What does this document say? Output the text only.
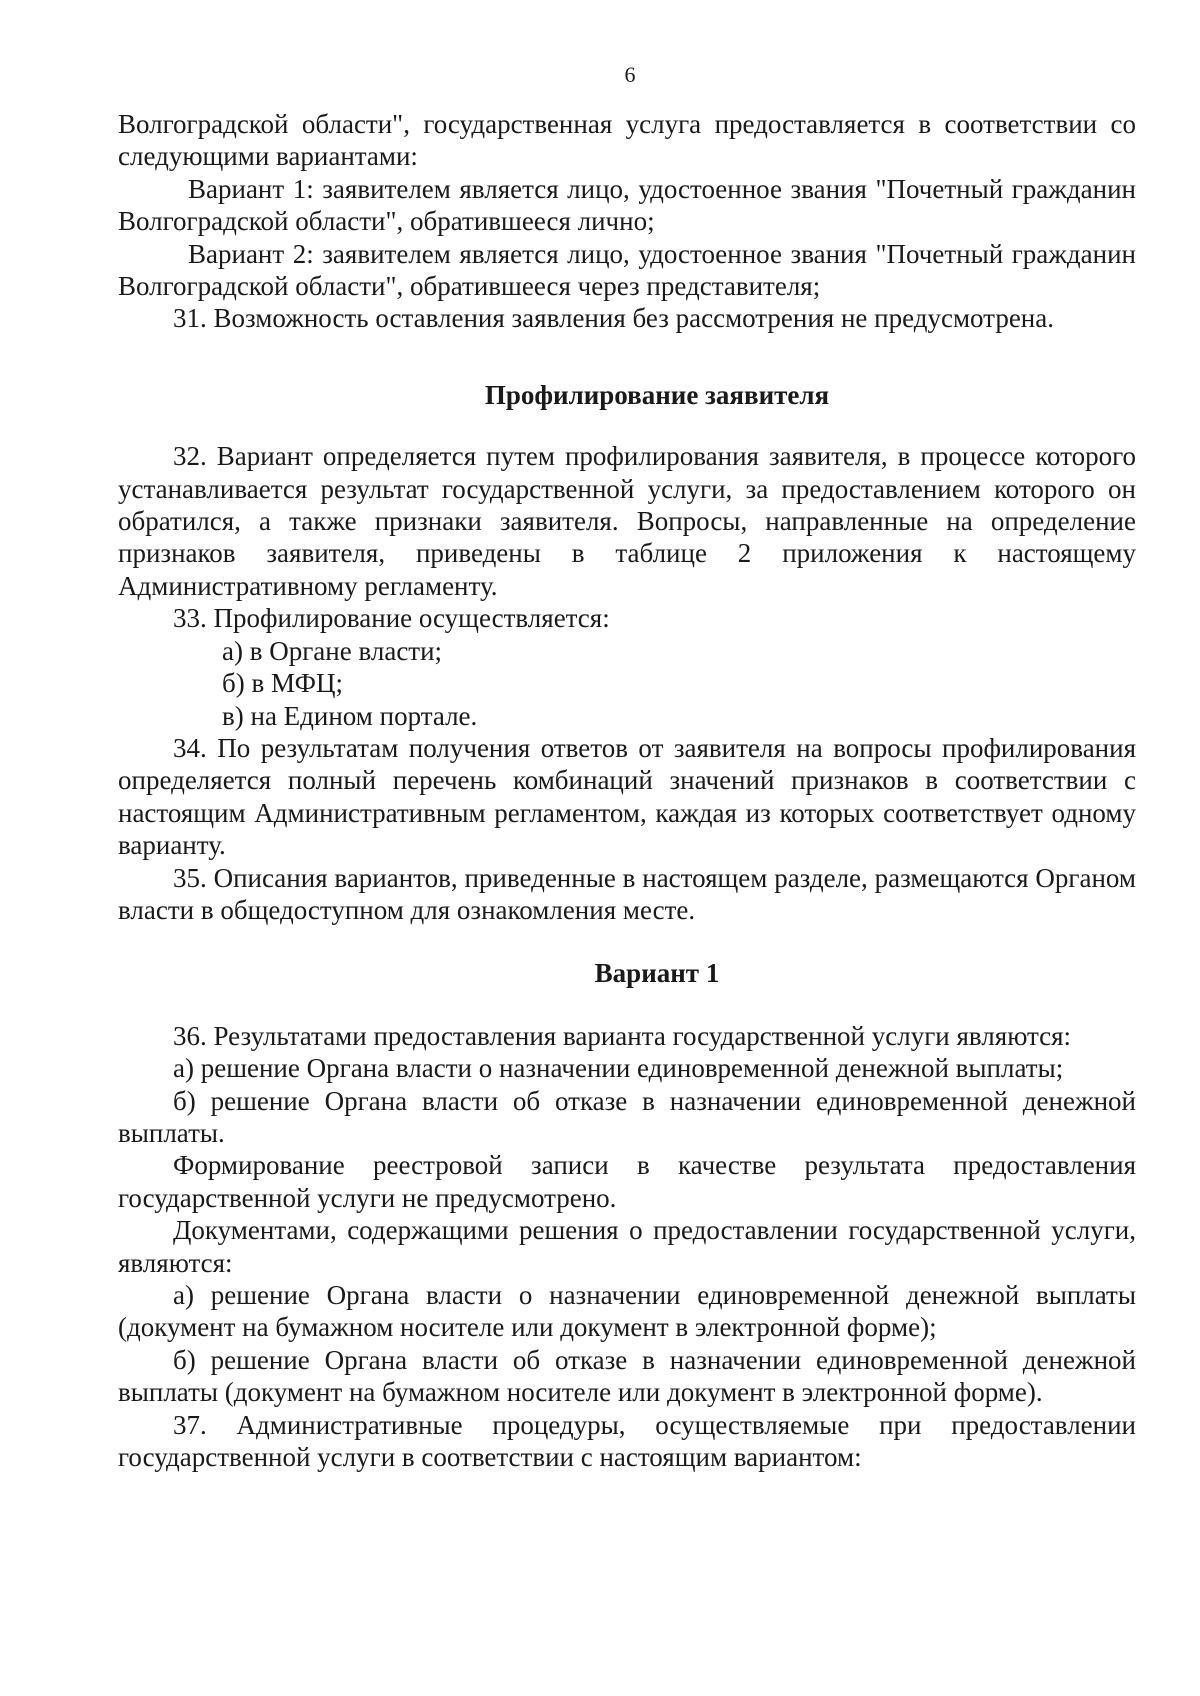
6

Волгоградской области", государственная услуга предоставляется в соответствии со следующими вариантами:

Вариант 1: заявителем является лицо, удостоенное звания "Почетный гражданин Волгоградской области", обратившееся лично;

Вариант 2: заявителем является лицо, удостоенное звания "Почетный гражданин Волгоградской области", обратившееся через представителя;

31. Возможность оставления заявления без рассмотрения не предусмотрена.

Профилирование заявителя

32. Вариант определяется путем профилирования заявителя, в процессе которого устанавливается результат государственной услуги, за предоставлением которого он обратился, а также признаки заявителя. Вопросы, направленные на определение признаков заявителя, приведены в таблице 2 приложения к настоящему Административному регламенту.

33. Профилирование осуществляется:

а) в Органе власти;

б) в МФЦ;

в) на Едином портале.

34. По результатам получения ответов от заявителя на вопросы профилирования определяется полный перечень комбинаций значений признаков в соответствии с настоящим Административным регламентом, каждая из которых соответствует одному варианту.

35. Описания вариантов, приведенные в настоящем разделе, размещаются Органом власти в общедоступном для ознакомления месте.

Вариант 1

36. Результатами предоставления варианта государственной услуги являются:

а) решение Органа власти о назначении единовременной денежной выплаты;

б) решение Органа власти об отказе в назначении единовременной денежной выплаты.

Формирование реестровой записи в качестве результата предоставления государственной услуги не предусмотрено.

Документами, содержащими решения о предоставлении государственной услуги, являются:

а) решение Органа власти о назначении единовременной денежной выплаты (документ на бумажном носителе или документ в электронной форме);

б) решение Органа власти об отказе в назначении единовременной денежной выплаты (документ на бумажном носителе или документ в электронной форме).

37. Административные процедуры, осуществляемые при предоставлении государственной услуги в соответствии с настоящим вариантом:
